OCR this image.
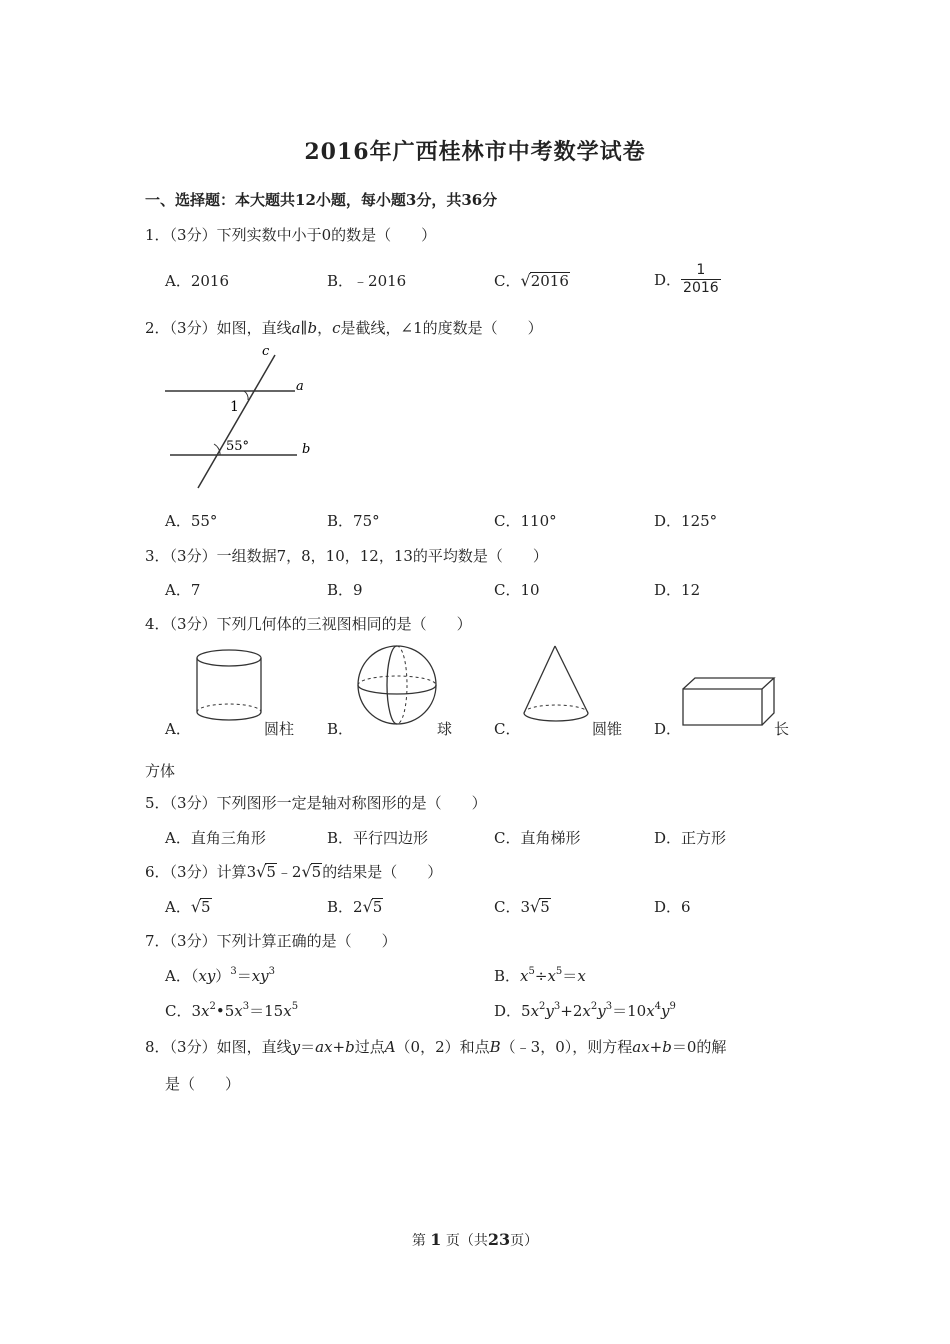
2016年广西桂林市中考数学试卷
一、选择题：本大题共12小题，每小题3分，共36分
1．（3分）下列实数中小于0的数是（　　）
A．2016	B．﹣2016	C．√2016	D． $\frac{1}{2016}$
2．（3分）如图，直线a∥b，c是截线，∠1的度数是（　　）
c
a
b
1
55°
A．55°	B．75°	C．110°	D．125°
3．（3分）一组数据7，8，10，12，13的平均数是（　　）
A．7	B．9	C．10	D．12
4．（3分）下列几何体的三视图相同的是（　　）
A．	圆柱 B．	球	C．	圆锥 D．	长
方体
5．（3分）下列图形一定是轴对称图形的是（　　）
A．直角三角形	B．平行四边形	C．直角梯形	D．正方形
6．（3分）计算3√5﹣2√5的结果是（　　）
A．√5	B．2√5	C．3√5	D．6
7．（3分）下列计算正确的是（　　）
A．$(xy)^3=xy^3$	B．$x^5\div x^5=x$
C．$3x^2•5x^3=15x^5$	D．$5x^2y^3+2x^2y^3=10x^4y^9$
8．（3分）如图，直线y＝ax+b过点A（0，2）和点B（﹣3，0），则方程ax+b＝0的解
是（　　）
第 1 页（共23页）
